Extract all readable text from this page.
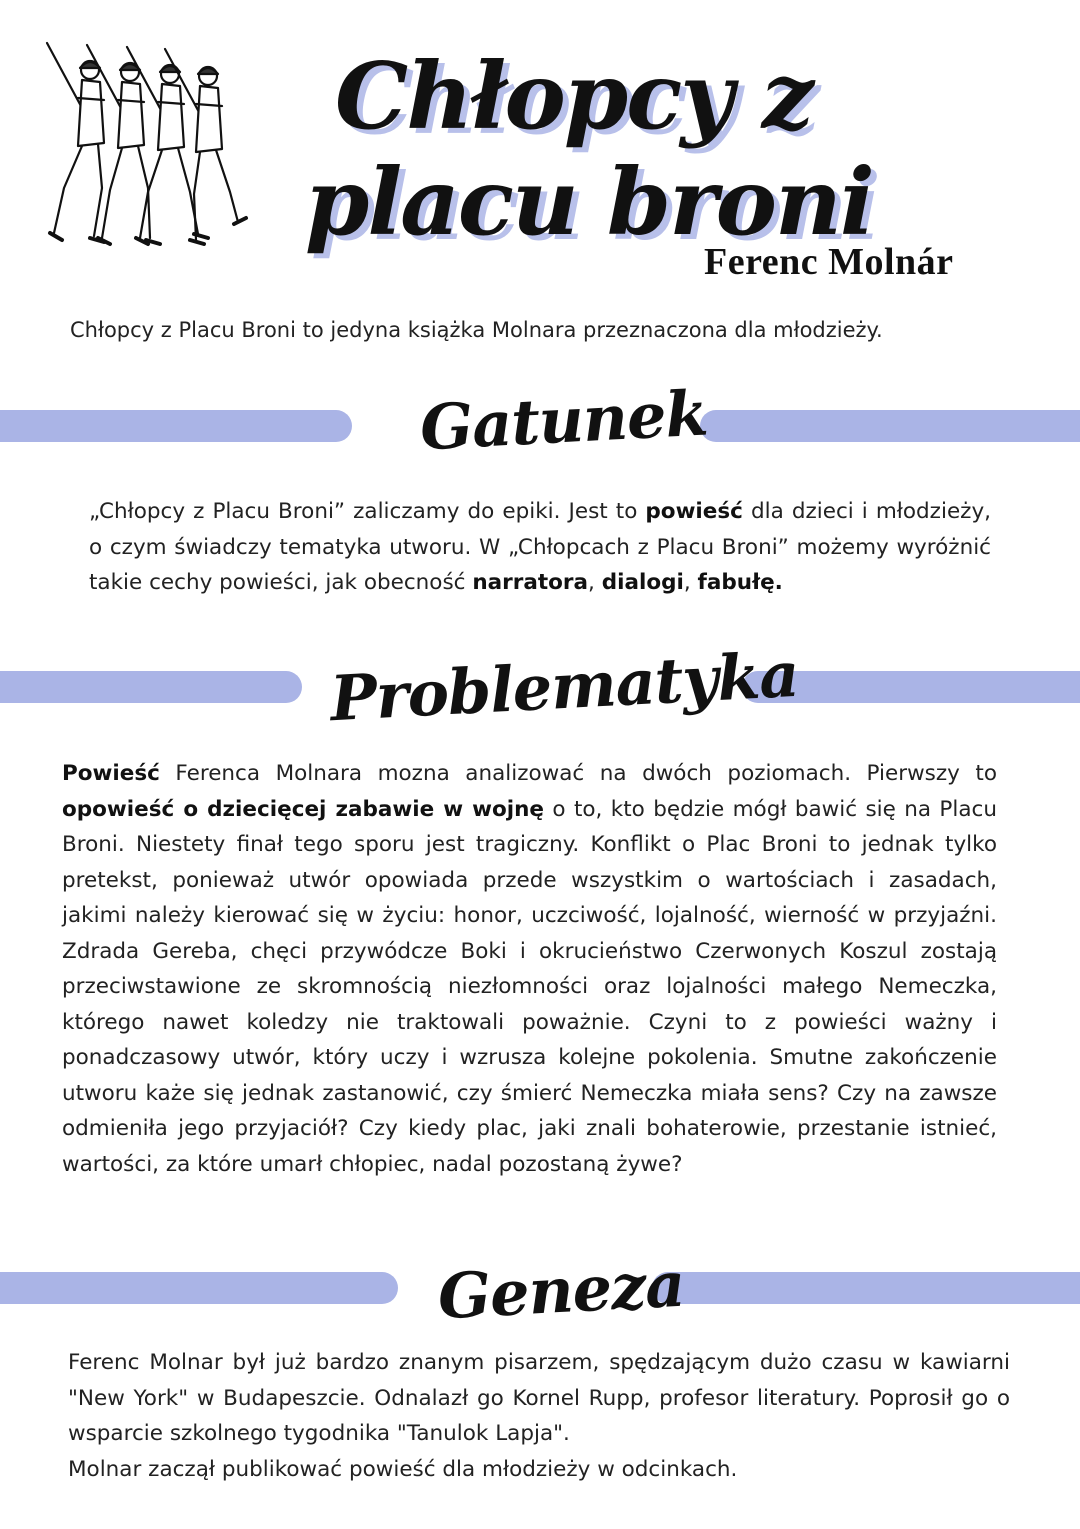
Chłopcy z
placu broni
Ferenc Molnár
Chłopcy z Placu Broni to jedyna książka Molnara przeznaczona dla młodzieży.
Gatunek
„Chłopcy z Placu Broni” zaliczamy do epiki. Jest to powieść dla dzieci i młodzieży, o czym świadczy tematyka utworu. W „Chłopcach z Placu Broni” możemy wyróżnić takie cechy powieści, jak obecność narratora, dialogi, fabułę.
Problematyka
Powieść Ferenca Molnara mozna analizować na dwóch poziomach. Pierwszy to opowieść o dziecięcej zabawie w wojnę o to, kto będzie mógł bawić się na Placu Broni. Niestety finał tego sporu jest tragiczny. Konflikt o Plac Broni to jednak tylko pretekst, ponieważ utwór opowiada przede wszystkim o wartościach i zasadach, jakimi należy kierować się w życiu: honor, uczciwość, lojalność, wierność w przyjaźni. Zdrada Gereba, chęci przywódcze Boki i okrucieństwo Czerwonych Koszul zostają przeciwstawione ze skromnością niezłomności oraz lojalności małego Nemeczka, którego nawet koledzy nie traktowali poważnie. Czyni to z powieści ważny i ponadczasowy utwór, który uczy i wzrusza kolejne pokolenia. Smutne zakończenie utworu każe się jednak zastanowić, czy śmierć Nemeczka miała sens? Czy na zawsze odmieniła jego przyjaciół? Czy kiedy plac, jaki znali bohaterowie, przestanie istnieć, wartości, za które umarł chłopiec, nadal pozostaną żywe?
Geneza

Ferenc Molnar był już bardzo znanym pisarzem, spędzającym dużo czasu w kawiarni "New York" w Budapeszcie. Odnalazł go Kornel Rupp, profesor literatury. Poprosił go o wsparcie szkolnego tygodnika "Tanulok Lapja".

Molnar zaczął publikować powieść dla młodzieży w odcinkach.
